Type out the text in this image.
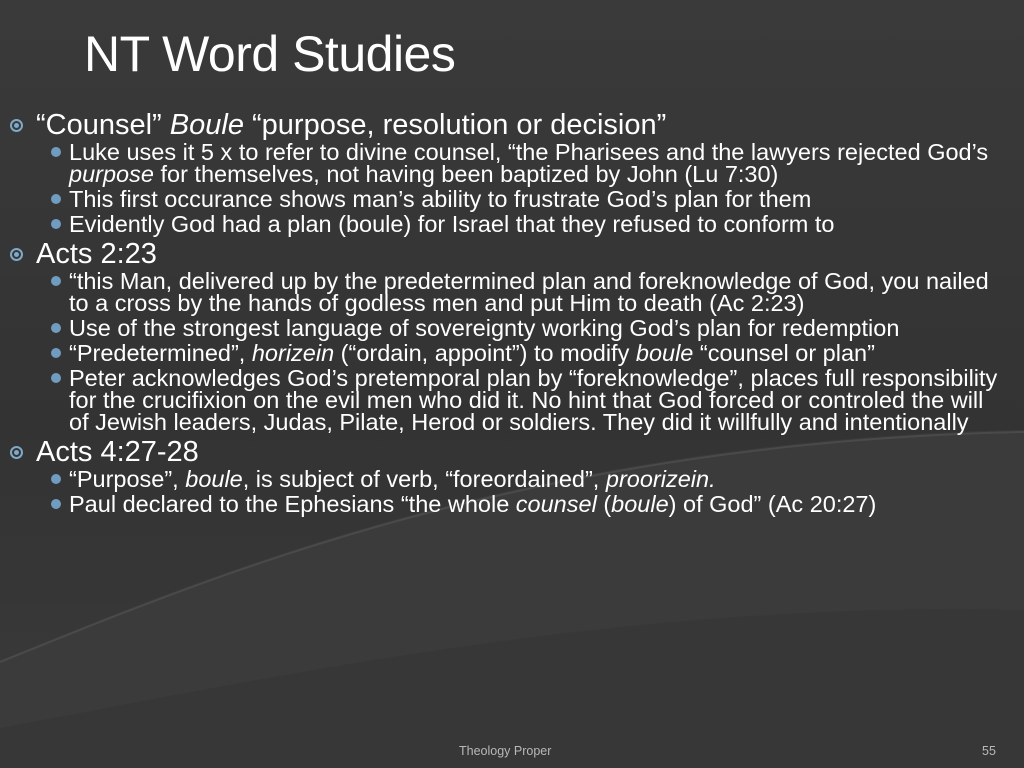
NT Word Studies

“Counsel” Boule “purpose, resolution or decision”

Luke uses it 5 x to refer to divine counsel, “the Pharisees and the lawyers rejected God’s purpose for themselves, not having been baptized by John (Lu 7:30)

This first occurance shows man’s ability to frustrate God’s plan for them

Evidently God had a plan (boule) for Israel that they refused to conform to

Acts 2:23

“this Man, delivered up by the predetermined plan and foreknowledge of God, you nailed to a cross by the hands of godless men and put Him to death (Ac 2:23)

Use of the strongest language of sovereignty working God’s plan for redemption

“Predetermined”, horizein (“ordain, appoint”) to modify boule “counsel or plan”

Peter acknowledges God’s pretemporal plan by “foreknowledge”, places full responsibility for the crucifixion on the evil men who did it. No hint that God forced or controled the will of Jewish leaders, Judas, Pilate, Herod or soldiers. They did it willfully and intentionally

Acts 4:27-28

“Purpose”, boule, is subject of verb, “foreordained”, proorizein.

Paul declared to the Ephesians “the whole counsel (boule) of God” (Ac 20:27)

Theology Proper	55
